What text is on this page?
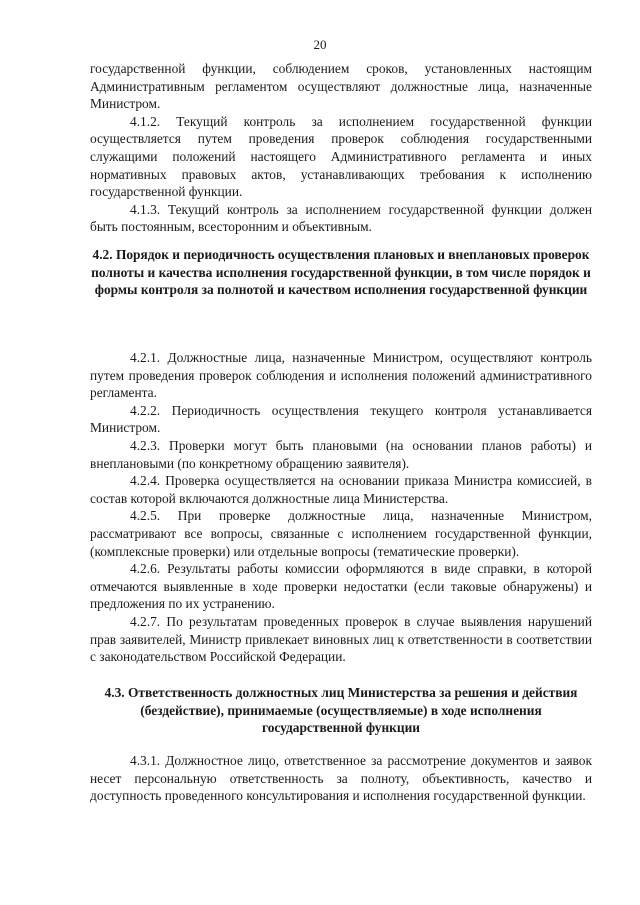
20

государственной функции, соблюдением сроков, установленных настоящим Административным регламентом осуществляют должностные лица, назначенные Министром.

4.1.2. Текущий контроль за исполнением государственной функции осуществляется путем проведения проверок соблюдения государственными служащими положений настоящего Административного регламента и иных нормативных правовых актов, устанавливающих требования к исполнению государственной функции.

4.1.3. Текущий контроль за исполнением государственной функции должен быть постоянным, всесторонним и объективным.

4.2. Порядок и периодичность осуществления плановых и внеплановых проверок полноты и качества исполнения государственной функции, в том числе порядок и формы контроля за полнотой и качеством исполнения государственной функции

4.2.1. Должностные лица, назначенные Министром, осуществляют контроль путем проведения проверок соблюдения и исполнения положений административного регламента.

4.2.2. Периодичность осуществления текущего контроля устанавливается Министром.

4.2.3. Проверки могут быть плановыми (на основании планов работы) и внеплановыми (по конкретному обращению заявителя).

4.2.4. Проверка осуществляется на основании приказа Министра комиссией, в состав которой включаются должностные лица Министерства.

4.2.5. При проверке должностные лица, назначенные Министром, рассматривают все вопросы, связанные с исполнением государственной функции, (комплексные проверки) или отдельные вопросы (тематические проверки).

4.2.6. Результаты работы комиссии оформляются в виде справки, в которой отмечаются выявленные в ходе проверки недостатки (если таковые обнаружены) и предложения по их устранению.

4.2.7. По результатам проведенных проверок в случае выявления нарушений прав заявителей, Министр привлекает виновных лиц к ответственности в соответствии с законодательством Российской Федерации.

4.3. Ответственность должностных лиц Министерства за решения и действия (бездействие), принимаемые (осуществляемые) в ходе исполнения государственной функции

4.3.1. Должностное лицо, ответственное за рассмотрение документов и заявок несет персональную ответственность за полноту, объективность, качество и доступность проведенного консультирования и исполнения государственной функции.
